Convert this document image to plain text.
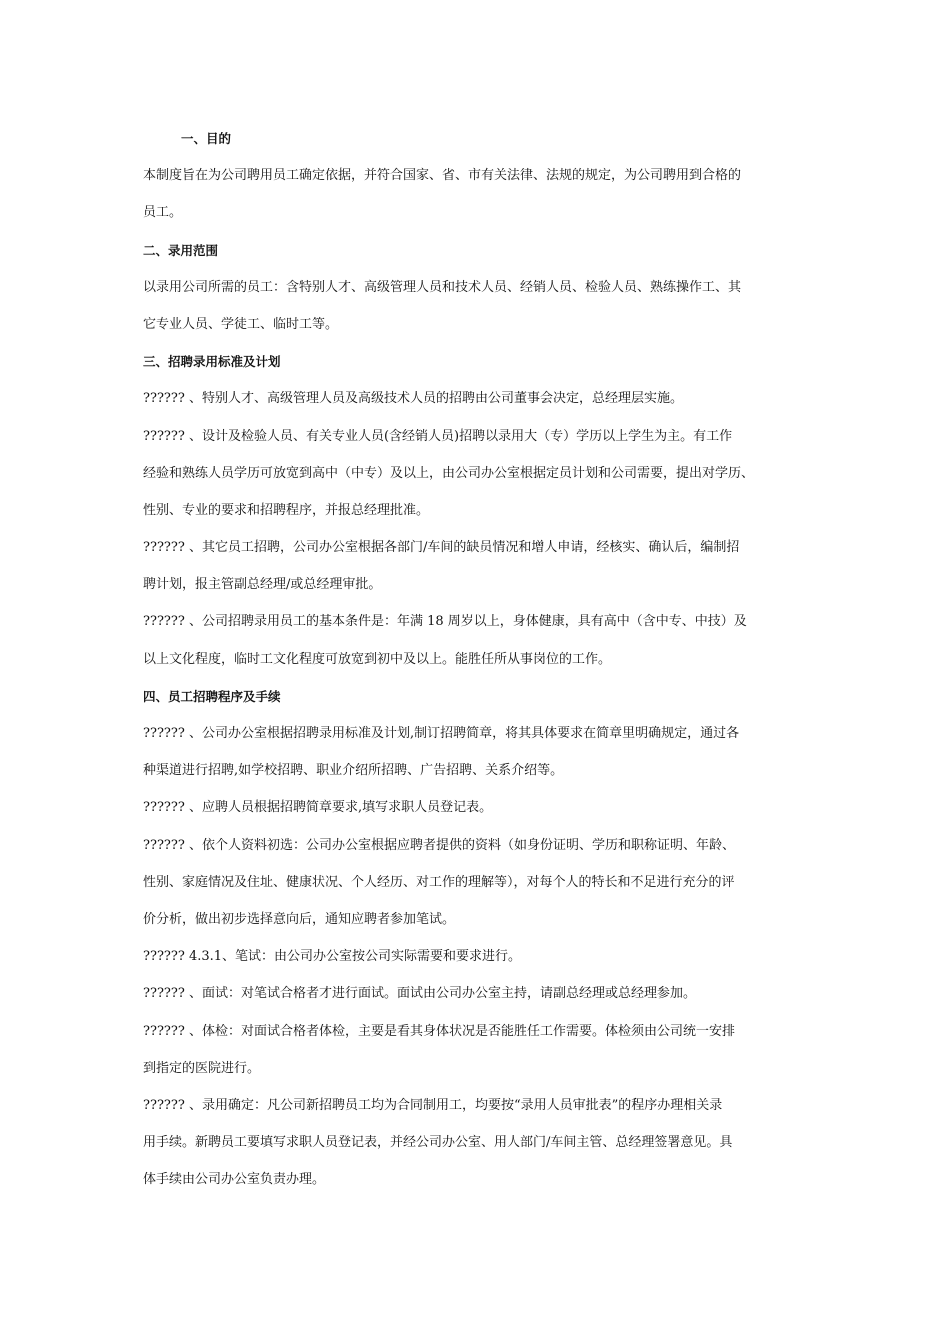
一、目的
本制度旨在为公司聘用员工确定依据，并符合国家、省、市有关法律、法规的规定，为公司聘用到合格的
员工。
二、录用范围
以录用公司所需的员工：含特别人才、高级管理人员和技术人员、经销人员、检验人员、熟练操作工、其
它专业人员、学徒工、临时工等。
三、招聘录用标准及计划
?????? 、特别人才、高级管理人员及高级技术人员的招聘由公司董事会决定，总经理层实施。
?????? 、设计及检验人员、有关专业人员(含经销人员)招聘以录用大（专）学历以上学生为主。有工作
经验和熟练人员学历可放宽到高中（中专）及以上，由公司办公室根据定员计划和公司需要，提出对学历、
性别、专业的要求和招聘程序，并报总经理批准。
?????? 、其它员工招聘，公司办公室根据各部门/车间的缺员情况和增人申请，经核实、确认后，编制招
聘计划，报主管副总经理/或总经理审批。
?????? 、公司招聘录用员工的基本条件是：年满 18 周岁以上，身体健康，具有高中（含中专、中技）及
以上文化程度，临时工文化程度可放宽到初中及以上。能胜任所从事岗位的工作。
四、员工招聘程序及手续
?????? 、公司办公室根据招聘录用标准及计划,制订招聘简章，将其具体要求在简章里明确规定，通过各
种渠道进行招聘,如学校招聘、职业介绍所招聘、广告招聘、关系介绍等。
?????? 、应聘人员根据招聘简章要求,填写求职人员登记表。
?????? 、依个人资料初选：公司办公室根据应聘者提供的资料（如身份证明、学历和职称证明、年龄、
性别、家庭情况及住址、健康状况、个人经历、对工作的理解等），对每个人的特长和不足进行充分的评
价分析，做出初步选择意向后，通知应聘者参加笔试。
?????? 4.3.1、笔试：由公司办公室按公司实际需要和要求进行。
?????? 、面试：对笔试合格者才进行面试。面试由公司办公室主持，请副总经理或总经理参加。
?????? 、体检：对面试合格者体检，主要是看其身体状况是否能胜任工作需要。体检须由公司统一安排
到指定的医院进行。
?????? 、录用确定：凡公司新招聘员工均为合同制用工，均要按“录用人员审批表”的程序办理相关录
用手续。新聘员工要填写求职人员登记表，并经公司办公室、用人部门/车间主管、总经理签署意见。具
体手续由公司办公室负责办理。
